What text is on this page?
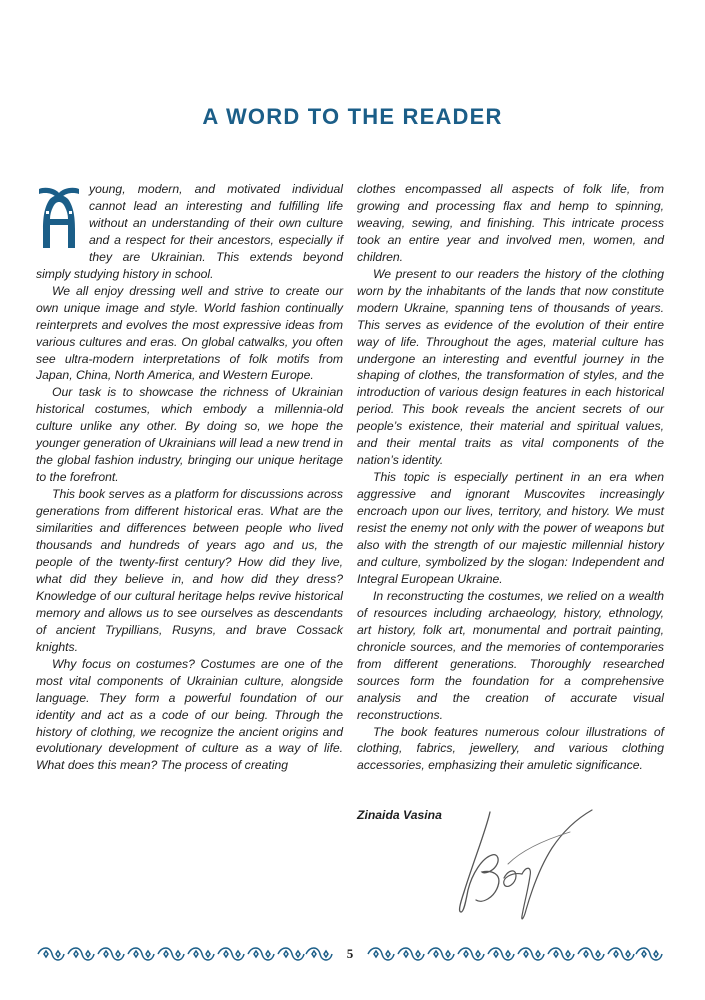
A WORD TO THE READER

young, modern, and motivated individual cannot lead an interesting and fulfilling life without an understanding of their own culture and a respect for their ancestors, especially if they are Ukrainian. This extends beyond simply studying history in school.

We all enjoy dressing well and strive to create our own unique image and style. World fashion continually reinterprets and evolves the most expressive ideas from various cultures and eras. On global catwalks, you often see ultra-modern interpretations of folk motifs from Japan, China, North America, and Western Europe.

Our task is to showcase the richness of Ukrainian historical costumes, which embody a millennia-old culture unlike any other. By doing so, we hope the younger generation of Ukrainians will lead a new trend in the global fashion industry, bringing our unique heritage to the forefront.

This book serves as a platform for discussions across generations from different historical eras. What are the similarities and differences between people who lived thousands and hundreds of years ago and us, the people of the twenty-first century? How did they live, what did they believe in, and how did they dress? Knowledge of our cultural heritage helps revive historical memory and allows us to see ourselves as descendants of ancient Trypillians, Rusyns, and brave Cossack knights.

Why focus on costumes? Costumes are one of the most vital components of Ukrainian culture, alongside language. They form a powerful foundation of our identity and act as a code of our being. Through the history of clothing, we recognize the ancient origins and evolutionary development of culture as a way of life. What does this mean? The process of creating

clothes encompassed all aspects of folk life, from growing and processing flax and hemp to spinning, weaving, sewing, and finishing. This intricate process took an entire year and involved men, women, and children.

We present to our readers the history of the clothing worn by the inhabitants of the lands that now constitute modern Ukraine, spanning tens of thousands of years. This serves as evidence of the evolution of their entire way of life. Throughout the ages, material culture has undergone an interesting and eventful journey in the shaping of clothes, the transformation of styles, and the introduction of various design features in each historical period. This book reveals the ancient secrets of our people’s existence, their material and spiritual values, and their mental traits as vital components of the nation’s identity.

This topic is especially pertinent in an era when aggressive and ignorant Muscovites increasingly encroach upon our lives, territory, and history. We must resist the enemy not only with the power of weapons but also with the strength of our majestic millennial history and culture, symbolized by the slogan: Independent and Integral European Ukraine.

In reconstructing the costumes, we relied on a wealth of resources including archaeology, history, ethnology, art history, folk art, monumental and portrait painting, chronicle sources, and the memories of contemporaries from different generations. Thoroughly researched sources form the foundation for a comprehensive analysis and the creation of accurate visual reconstructions.

The book features numerous colour illustrations of clothing, fabrics, jewellery, and various clothing accessories, emphasizing their amuletic significance.

Zinaida Vasina
5
